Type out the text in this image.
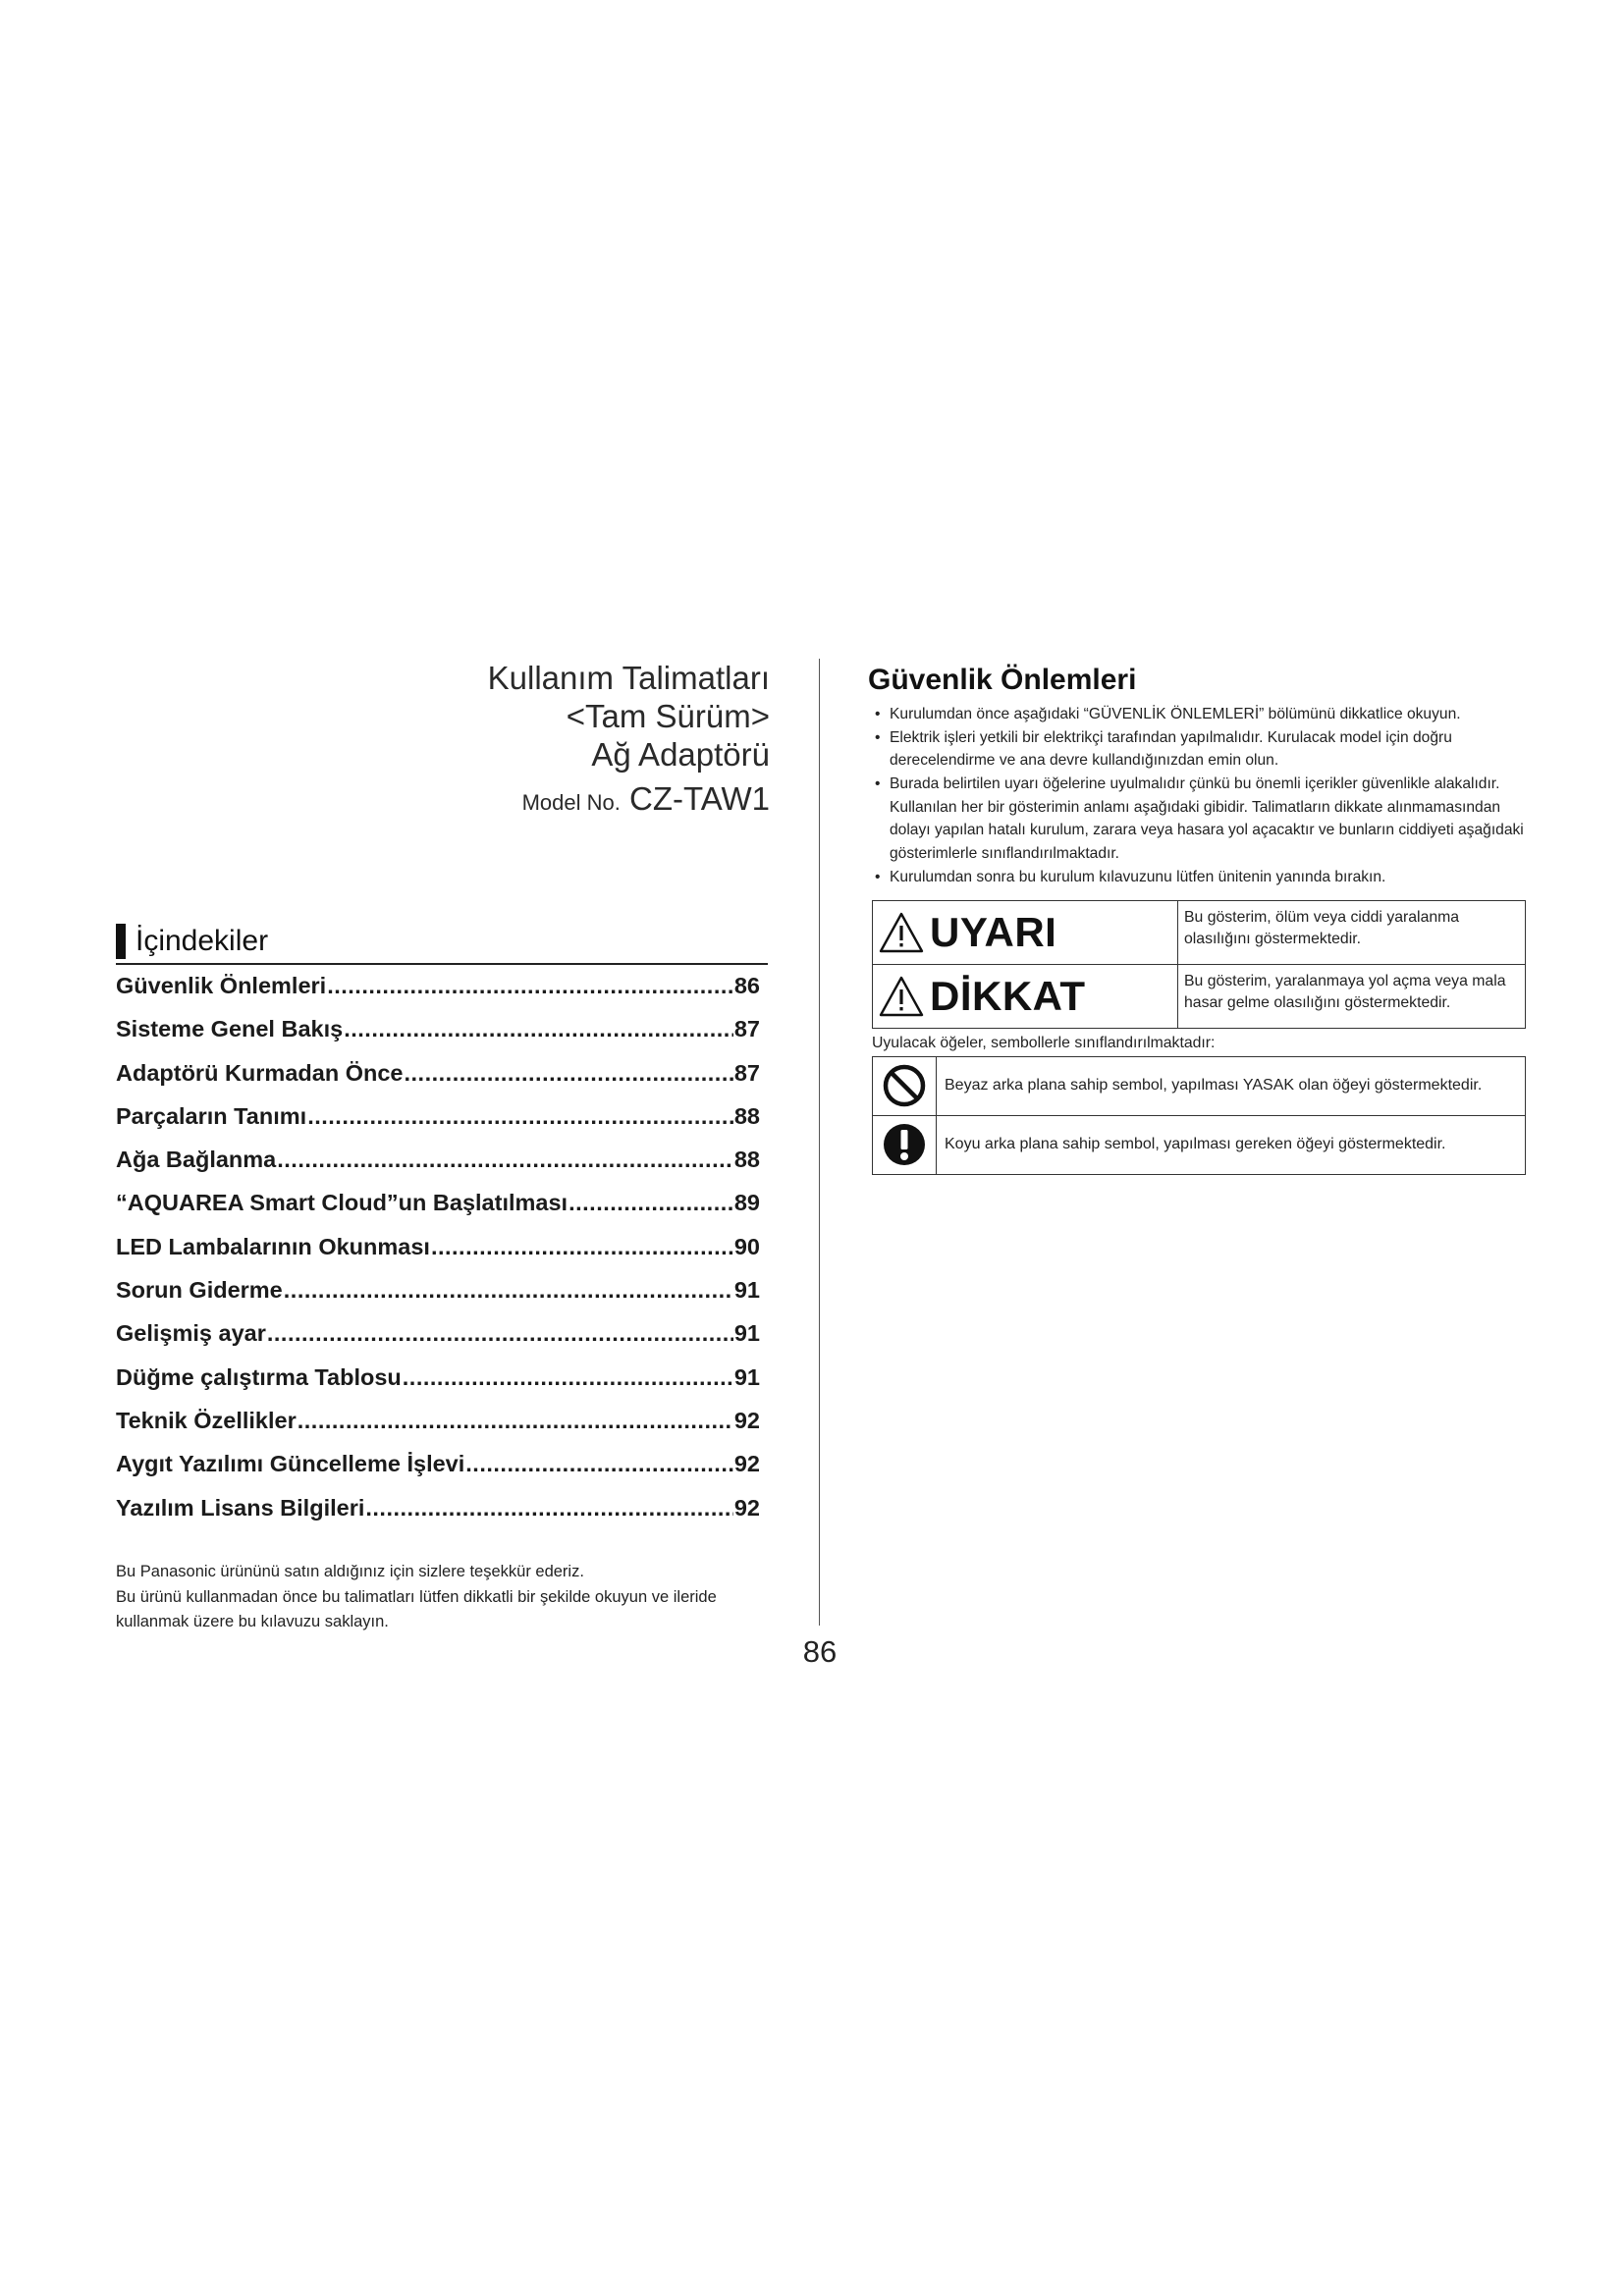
Kullanım Talimatları
<Tam Sürüm>
Ağ Adaptörü
Model No. CZ-TAW1
İçindekiler
Güvenlik Önlemleri .....	86
Sisteme Genel Bakış .....	87
Adaptörü Kurmadan Önce .....	87
Parçaların Tanımı .....	88
Ağa Bağlanma .....	88
“AQUAREA Smart Cloud”un Başlatılması .....	89
LED Lambalarının Okunması .....	90
Sorun Giderme .....	91
Gelişmiş ayar .....	91
Düğme çalıştırma Tablosu .....	91
Teknik Özellikler .....	92
Aygıt Yazılımı Güncelleme İşlevi .....	92
Yazılım Lisans Bilgileri .....	92
Bu Panasonic ürününü satın aldığınız için sizlere teşekkür ederiz.
Bu ürünü kullanmadan önce bu talimatları lütfen dikkatli bir şekilde okuyun ve ileride
kullanmak üzere bu kılavuzu saklayın.
86
Güvenlik Önlemleri
• Kurulumdan önce aşağıdaki “GÜVENLİK ÖNLEMLERİ” bölümünü dikkatlice okuyun.
• Elektrik işleri yetkili bir elektrikçi tarafından yapılmalıdır. Kurulacak model için doğru derecelendirme ve ana devre kullandığınızdan emin olun.
• Burada belirtilen uyarı öğelerine uyulmalıdır çünkü bu önemli içerikler güvenlikle alakalıdır. Kullanılan her bir gösterimin anlamı aşağıdaki gibidir. Talimatların dikkate alınmamasından dolayı yapılan hatalı kurulum, zarara veya hasara yol açacaktır ve bunların ciddiyeti aşağıdaki gösterimlerle sınıflandırılmaktadır.
• Kurulumdan sonra bu kurulum kılavuzunu lütfen ünitenin yanında bırakın.
UYARI	Bu gösterim, ölüm veya ciddi yaralanma olasılığını göstermektedir.

DİKKAT	Bu gösterim, yaralanmaya yol açma veya mala hasar gelme olasılığını göstermektedir.
Uyulacak öğeler, sembollerle sınıflandırılmaktadır:
	Beyaz arka plana sahip sembol, yapılması YASAK olan öğeyi göstermektedir.

	Koyu arka plana sahip sembol, yapılması gereken öğeyi göstermektedir.
